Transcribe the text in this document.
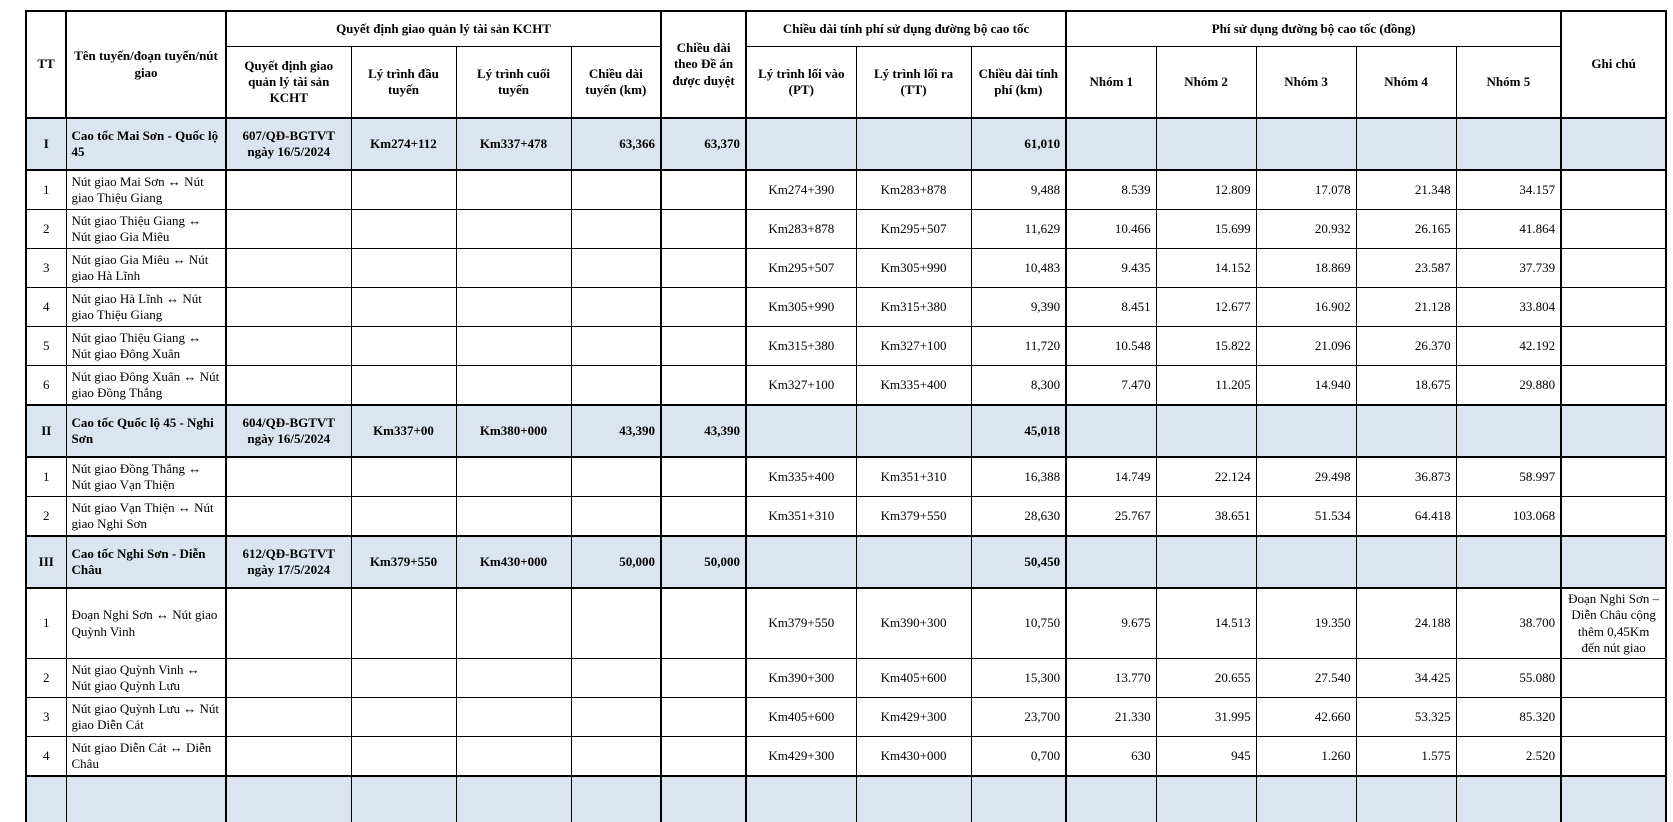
TT	Tên tuyến/đoạn tuyến/nút giao	Quyết định giao quản lý tài sản KCHT				Chiều dài theo Đề án được duyệt	Chiều dài tính phí sử dụng đường bộ cao tốc			Phí sử dụng đường bộ cao tốc (đồng)					Ghi chú
		Quyết định giao quản lý tài sản KCHT	Lý trình đầu tuyến	Lý trình cuối tuyến	Chiều dài tuyến (km)		Lý trình lối vào (PT)	Lý trình lối ra (TT)	Chiều dài tính phí (km)	Nhóm 1	Nhóm 2	Nhóm 3	Nhóm 4	Nhóm 5	
I	Cao tốc Mai Sơn - Quốc lộ 45	607/QĐ-BGTVT ngày 16/5/2024	Km274+112	Km337+478	63,366	63,370			61,010						
1	Nút giao Mai Sơn ↔ Nút giao Thiệu Giang						Km274+390	Km283+878	9,488	8.539	12.809	17.078	21.348	34.157	
2	Nút giao Thiệu Giang ↔ Nút giao Gia Miêu						Km283+878	Km295+507	11,629	10.466	15.699	20.932	26.165	41.864	
3	Nút giao Gia Miêu ↔ Nút giao Hà Lĩnh						Km295+507	Km305+990	10,483	9.435	14.152	18.869	23.587	37.739	
4	Nút giao Hà Lĩnh ↔ Nút giao Thiệu Giang						Km305+990	Km315+380	9,390	8.451	12.677	16.902	21.128	33.804	
5	Nút giao Thiệu Giang ↔ Nút giao Đông Xuân						Km315+380	Km327+100	11,720	10.548	15.822	21.096	26.370	42.192	
6	Nút giao Đông Xuân ↔ Nút giao Đồng Thắng						Km327+100	Km335+400	8,300	7.470	11.205	14.940	18.675	29.880	
II	Cao tốc Quốc lộ 45 - Nghi Sơn	604/QĐ-BGTVT ngày 16/5/2024	Km337+00	Km380+000	43,390	43,390			45,018						
1	Nút giao Đồng Thắng ↔ Nút giao Vạn Thiện						Km335+400	Km351+310	16,388	14.749	22.124	29.498	36.873	58.997	
2	Nút giao Vạn Thiện ↔ Nút giao Nghi Sơn						Km351+310	Km379+550	28,630	25.767	38.651	51.534	64.418	103.068	
III	Cao tốc Nghi Sơn - Diễn Châu	612/QĐ-BGTVT ngày 17/5/2024	Km379+550	Km430+000	50,000	50,000			50,450						
1	Đoạn Nghi Sơn ↔ Nút giao Quỳnh Vinh						Km379+550	Km390+300	10,750	9.675	14.513	19.350	24.188	38.700	Đoạn Nghi Sơn – Diễn Châu cộng thêm 0,45Km đến nút giao
2	Nút giao Quỳnh Vinh ↔ Nút giao Quỳnh Lưu						Km390+300	Km405+600	15,300	13.770	20.655	27.540	34.425	55.080	
3	Nút giao Quỳnh Lưu ↔ Nút giao Diễn Cát						Km405+600	Km429+300	23,700	21.330	31.995	42.660	53.325	85.320	
4	Nút giao Diễn Cát ↔ Diễn Châu						Km429+300	Km430+000	0,700	630	945	1.260	1.575	2.520	
